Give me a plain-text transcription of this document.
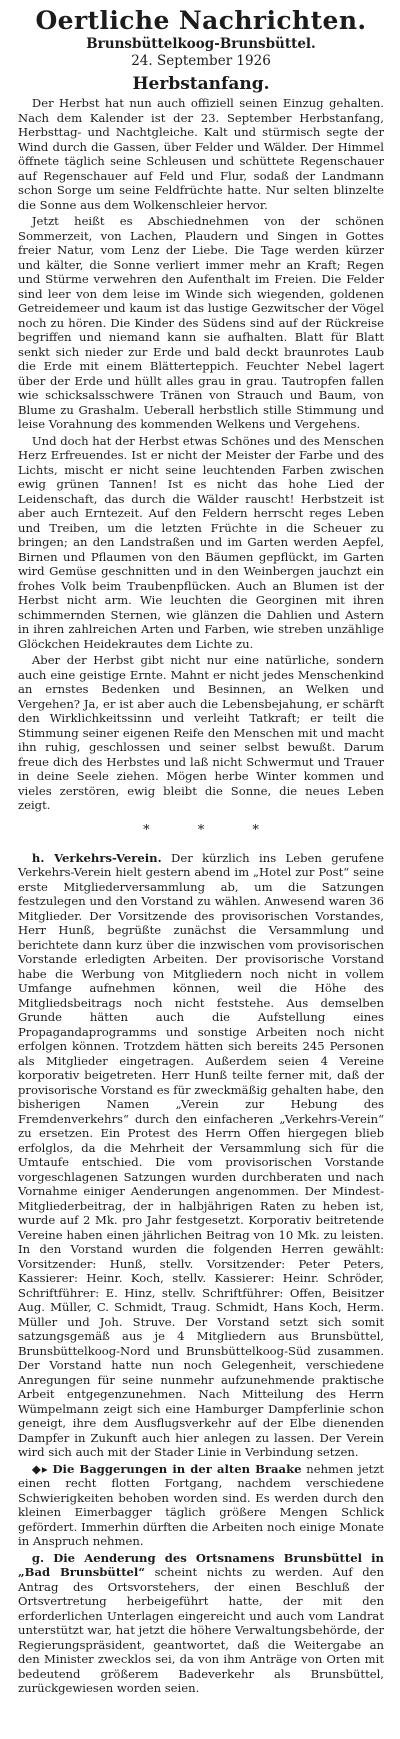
Oertliche Nachrichten.
Brunsbüttelkoog-Brunsbüttel.
24. September 1926
Herbstanfang.

Der Herbst hat nun auch offiziell seinen Einzug gehalten. Nach dem Kalender ist der 23. September Herbstanfang, Herbsttag- und Nachtgleiche. Kalt und stürmisch segte der Wind durch die Gassen, über Felder und Wälder. Der Himmel öffnete täglich seine Schleusen und schüttete Regenschauer auf Regenschauer auf Feld und Flur, sodaß der Landmann schon Sorge um seine Feldfrüchte hatte. Nur selten blinzelte die Sonne aus dem Wolkenschleier hervor.

Jetzt heißt es Abschiednehmen von der schönen Sommerzeit, von Lachen, Plaudern und Singen in Gottes freier Natur, vom Lenz der Liebe. Die Tage werden kürzer und kälter, die Sonne verliert immer mehr an Kraft; Regen und Stürme verwehren den Aufenthalt im Freien. Die Felder sind leer von dem leise im Winde sich wiegenden, goldenen Getreidemeer und kaum ist das lustige Gezwitscher der Vögel noch zu hören. Die Kinder des Südens sind auf der Rückreise begriffen und niemand kann sie aufhalten. Blatt für Blatt senkt sich nieder zur Erde und bald deckt braunrotes Laub die Erde mit einem Blätterteppich. Feuchter Nebel lagert über der Erde und hüllt alles grau in grau. Tautropfen fallen wie schicksalsschwere Tränen von Strauch und Baum, von Blume zu Grashalm. Ueberall herbstlich stille Stimmung und leise Vorahnung des kommenden Welkens und Vergehens.

Und doch hat der Herbst etwas Schönes und des Menschen Herz Erfreuendes. Ist er nicht der Meister der Farbe und des Lichts, mischt er nicht seine leuchtenden Farben zwischen ewig grünen Tannen! Ist es nicht das hohe Lied der Leidenschaft, das durch die Wälder rauscht! Herbstzeit ist aber auch Erntezeit. Auf den Feldern herrscht reges Leben und Treiben, um die letzten Früchte in die Scheuer zu bringen; an den Landstraßen und im Garten werden Aepfel, Birnen und Pflaumen von den Bäumen gepflückt, im Garten wird Gemüse geschnitten und in den Weinbergen jauchzt ein frohes Volk beim Traubenpflücken. Auch an Blumen ist der Herbst nicht arm. Wie leuchten die Georginen mit ihren schimmernden Sternen, wie glänzen die Dahlien und Astern in ihren zahlreichen Arten und Farben, wie streben unzählige Glöckchen Heidekrautes dem Lichte zu.

Aber der Herbst gibt nicht nur eine natürliche, sondern auch eine geistige Ernte. Mahnt er nicht jedes Menschenkind an ernstes Bedenken und Besinnen, an Welken und Vergehen? Ja, er ist aber auch die Lebensbejahung, er schärft den Wirklichkeitssinn und verleiht Tatkraft; er teilt die Stimmung seiner eigenen Reife den Menschen mit und macht ihn ruhig, geschlossen und seiner selbst bewußt. Darum freue dich des Herbstes und laß nicht Schwermut und Trauer in deine Seele ziehen. Mögen herbe Winter kommen und vieles zerstören, ewig bleibt die Sonne, die neues Leben zeigt.

* * *

h. Verkehrs-Verein. Der kürzlich ins Leben gerufene Verkehrs-Verein hielt gestern abend im „Hotel zur Post“ seine erste Mitgliederversammlung ab, um die Satzungen festzulegen und den Vorstand zu wählen. Anwesend waren 36 Mitglieder. Der Vorsitzende des provisorischen Vorstandes, Herr Hunß, begrüßte zunächst die Versammlung und berichtete dann kurz über die inzwischen vom provisorischen Vorstande erledigten Arbeiten. Der provisorische Vorstand habe die Werbung von Mitgliedern noch nicht in vollem Umfange aufnehmen können, weil die Höhe des Mitgliedsbeitrags noch nicht feststehe. Aus demselben Grunde hätten auch die Aufstellung eines Propagandaprogramms und sonstige Arbeiten noch nicht erfolgen können. Trotzdem hätten sich bereits 245 Personen als Mitglieder eingetragen. Außerdem seien 4 Vereine korporativ beigetreten. Herr Hunß teilte ferner mit, daß der provisorische Vorstand es für zweckmäßig gehalten habe, den bisherigen Namen „Verein zur Hebung des Fremdenverkehrs“ durch den einfacheren „Verkehrs-Verein“ zu ersetzen. Ein Protest des Herrn Offen hiergegen blieb erfolglos, da die Mehrheit der Versammlung sich für die Umtaufe entschied. Die vom provisorischen Vorstande vorgeschlagenen Satzungen wurden durchberaten und nach Vornahme einiger Aenderungen angenommen. Der Mindest-Mitgliederbeitrag, der in halbjährigen Raten zu heben ist, wurde auf 2 Mk. pro Jahr festgesetzt. Korporativ beitretende Vereine haben einen jährlichen Beitrag von 10 Mk. zu leisten. In den Vorstand wurden die folgenden Herren gewählt: Vorsitzender: Hunß, stellv. Vorsitzender: Peter Peters, Kassierer: Heinr. Koch, stellv. Kassierer: Heinr. Schröder, Schriftführer: E. Hinz, stellv. Schriftführer: Offen, Beisitzer Aug. Müller, C. Schmidt, Traug. Schmidt, Hans Koch, Herm. Müller und Joh. Struve. Der Vorstand setzt sich somit satzungsgemäß aus je 4 Mitgliedern aus Brunsbüttel, Brunsbüttelkoog-Nord und Brunsbüttelkoog-Süd zusammen. Der Vorstand hatte nun noch Gelegenheit, verschiedene Anregungen für seine nunmehr aufzunehmende praktische Arbeit entgegenzunehmen. Nach Mitteilung des Herrn Wümpelmann zeigt sich eine Hamburger Dampferlinie schon geneigt, ihre dem Ausflugsverkehr auf der Elbe dienenden Dampfer in Zukunft auch hier anlegen zu lassen. Der Verein wird sich auch mit der Stader Linie in Verbindung setzen.

◆▸ Die Baggerungen in der alten Braake nehmen jetzt einen recht flotten Fortgang, nachdem verschiedene Schwierigkeiten behoben worden sind. Es werden durch den kleinen Eimerbagger täglich größere Mengen Schlick gefördert. Immerhin dürften die Arbeiten noch einige Monate in Anspruch nehmen.

g. Die Aenderung des Ortsnamens Brunsbüttel in „Bad Brunsbüttel“ scheint nichts zu werden. Auf den Antrag des Ortsvorstehers, der einen Beschluß der Ortsvertretung herbeigeführt hatte, der mit den erforderlichen Unterlagen eingereicht und auch vom Landrat unterstützt war, hat jetzt die höhere Verwaltungsbehörde, der Regierungspräsident, geantwortet, daß die Weitergabe an den Minister zwecklos sei, da von ihm Anträge von Orten mit bedeutend größerem Badeverkehr als Brunsbüttel, zurückgewiesen worden seien.
